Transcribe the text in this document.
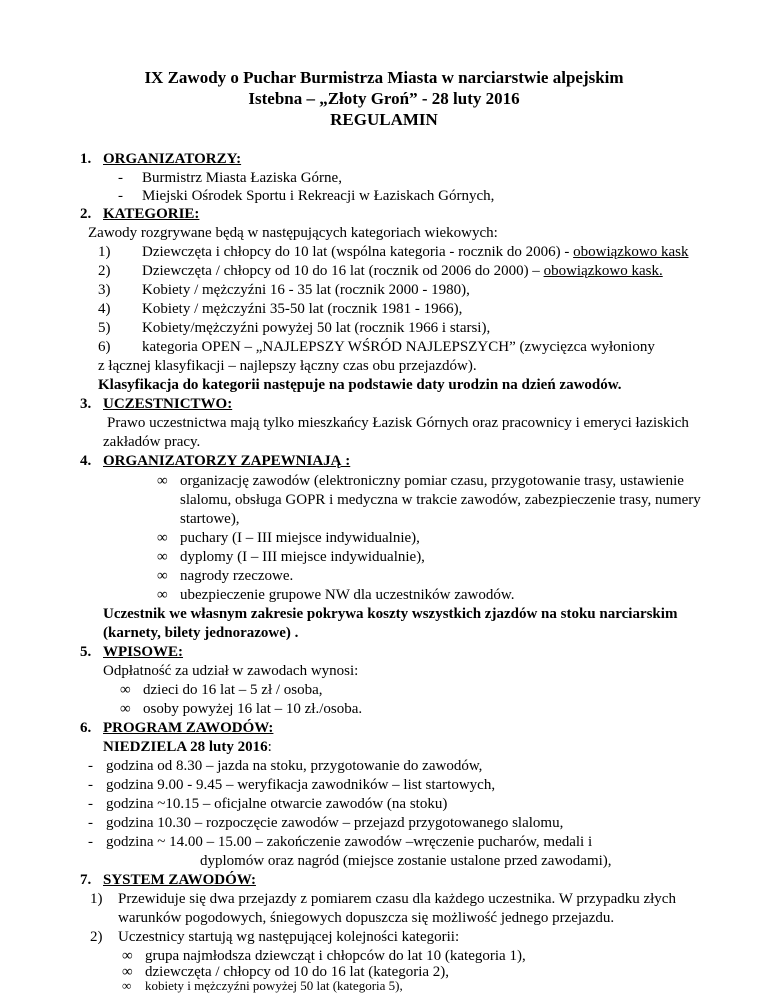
IX Zawody o Puchar Burmistrza Miasta w narciarstwie alpejskim
Istebna – „Złoty Groń” - 28 luty 2016
REGULAMIN
1. ORGANIZATORZY:
- Burmistrz Miasta Łaziska Górne,
- Miejski Ośrodek Sportu i Rekreacji w Łaziskach Górnych,
2. KATEGORIE:
Zawody rozgrywane będą w następujących kategoriach wiekowych:
1) Dziewczęta i chłopcy do 10 lat (wspólna kategoria - rocznik do 2006) - obowiązkowo kask
2) Dziewczęta / chłopcy od 10 do 16 lat (rocznik od 2006 do 2000) – obowiązkowo kask.
3) Kobiety / mężczyźni 16 - 35 lat (rocznik 2000 - 1980),
4) Kobiety / mężczyźni 35-50 lat (rocznik 1981 - 1966),
5) Kobiety/mężczyźni powyżej 50 lat (rocznik 1966 i starsi),
6) kategoria OPEN – „NAJLEPSZY WŚRÓD NAJLEPSZYCH” (zwycięzca wyłoniony
z łącznej klasyfikacji – najlepszy łączny czas obu przejazdów).
Klasyfikacja do kategorii następuje na podstawie daty urodzin na dzień zawodów.
3. UCZESTNICTWO:
Prawo uczestnictwa mają tylko mieszkańcy Łazisk Górnych oraz pracownicy i emeryci łaziskich
zakładów pracy.
4. ORGANIZATORZY ZAPEWNIAJĄ :
∞ organizację zawodów (elektroniczny pomiar czasu, przygotowanie trasy, ustawienie
slalomu, obsługa GOPR i medyczna w trakcie zawodów, zabezpieczenie trasy, numery
startowe),
∞ puchary (I – III miejsce indywidualnie),
∞ dyplomy (I – III miejsce indywidualnie),
∞ nagrody rzeczowe.
∞ ubezpieczenie grupowe NW dla uczestników zawodów.
Uczestnik we własnym zakresie pokrywa koszty wszystkich zjazdów na stoku narciarskim
(karnety, bilety jednorazowe) .
5. WPISOWE:
Odpłatność za udział w zawodach wynosi:
∞ dzieci do 16 lat – 5 zł / osoba,
∞ osoby powyżej 16 lat – 10 zł./osoba.
6. PROGRAM ZAWODÓW:
NIEDZIELA 28 luty 2016:
- godzina od 8.30 – jazda na stoku, przygotowanie do zawodów,
- godzina 9.00 - 9.45 – weryfikacja zawodników – list startowych,
- godzina ~10.15 – oficjalne otwarcie zawodów (na stoku)
- godzina 10.30 – rozpoczęcie zawodów – przejazd przygotowanego slalomu,
- godzina ~ 14.00 – 15.00 – zakończenie zawodów –wręczenie pucharów, medali i
dyplomów oraz nagród (miejsce zostanie ustalone przed zawodami),
7. SYSTEM ZAWODÓW:
1) Przewiduje się dwa przejazdy z pomiarem czasu dla każdego uczestnika. W przypadku złych
warunków pogodowych, śniegowych dopuszcza się możliwość jednego przejazdu.
2) Uczestnicy startują wg następującej kolejności kategorii:
∞ grupa najmłodsza dziewcząt i chłopców do lat 10 (kategoria 1),
∞ dziewczęta / chłopcy od 10 do 16 lat (kategoria 2),
∞ kobiety i mężczyźni powyżej 50 lat (kategoria 5),
